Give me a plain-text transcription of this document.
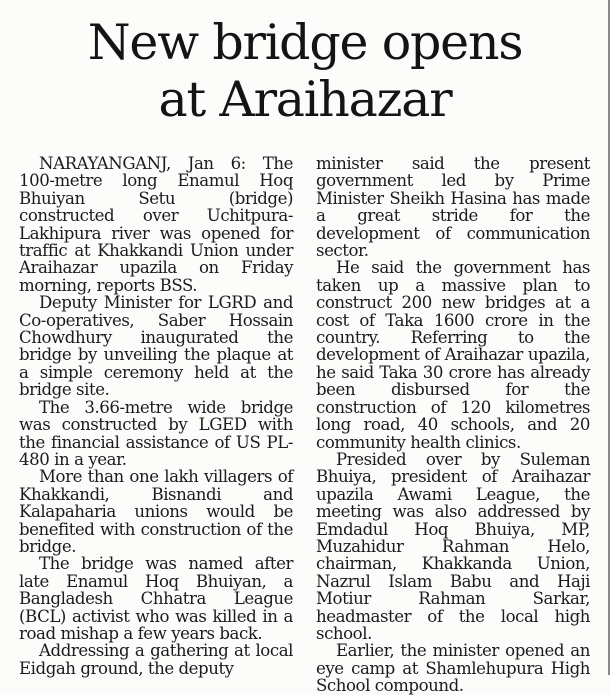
New bridge opens
at Araihazar

NARAYANGANJ, Jan 6: The 100-metre long Enamul Hoq Bhuiyan Setu (bridge) constructed over Uchitpura-Lakhipura river was opened for traffic at Khakkandi Union under Araihazar upazila on Friday morning, reports BSS.

Deputy Minister for LGRD and Co-operatives, Saber Hossain Chowdhury inaugurated the bridge by unveiling the plaque at a simple ceremony held at the bridge site.

The 3.66-metre wide bridge was constructed by LGED with the financial assistance of US PL-480 in a year.

More than one lakh villagers of Khakkandi, Bisnandi and Kalapaharia unions would be benefited with construction of the bridge.

The bridge was named after late Enamul Hoq Bhuiyan, a Bangladesh Chhatra League (BCL) activist who was killed in a road mishap a few years back.

Addressing a gathering at local Eidgah ground, the deputy

minister said the present government led by Prime Minister Sheikh Hasina has made a great stride for the development of communication sector.

He said the government has taken up a massive plan to construct 200 new bridges at a cost of Taka 1600 crore in the country. Referring to the development of Araihazar upazila, he said Taka 30 crore has already been disbursed for the construction of 120 kilometres long road, 40 schools, and 20 community health clinics.

Presided over by Suleman Bhuiya, president of Araihazar upazila Awami League, the meeting was also addressed by Emdadul Hoq Bhuiya, MP, Muzahidur Rahman Helo, chairman, Khakkanda Union, Nazrul Islam Babu and Haji Motiur Rahman Sarkar, headmaster of the local high school.

Earlier, the minister opened an eye camp at Shamlehupura High School compound.
